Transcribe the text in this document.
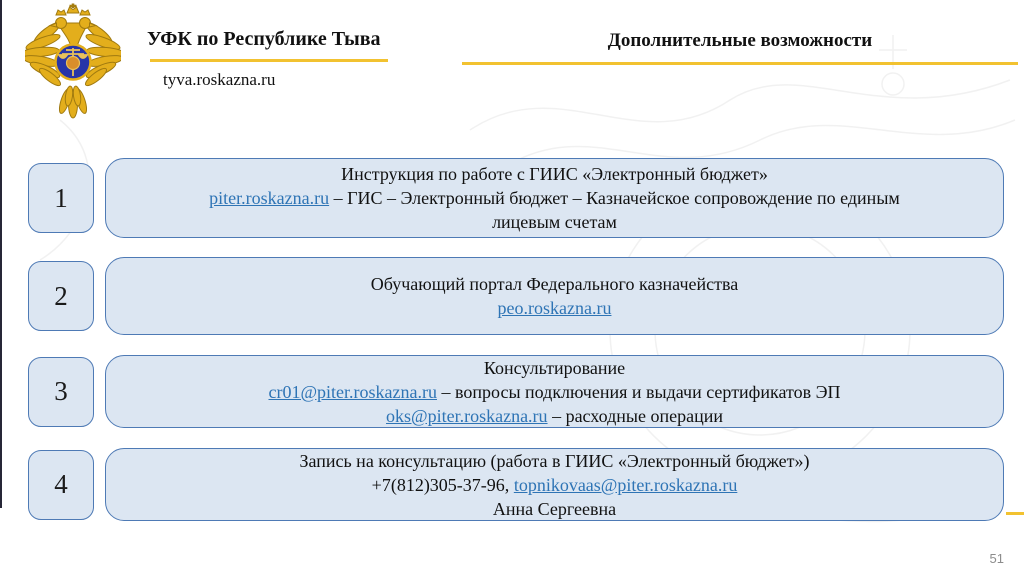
УФК по Республике Тыва
tyva.roskazna.ru
Дополнительные возможности
1
Инструкция по работе с ГИИС «Электронный бюджет»
piter.roskazna.ru – ГИС – Электронный бюджет – Казначейское сопровождение по единым
лицевым счетам
2	Обучающий портал Федерального казначейства
peo.roskazna.ru
3
Консультирование
cr01@piter.roskazna.ru – вопросы подключения и выдачи сертификатов ЭП
oks@piter.roskazna.ru – расходные операции
4
Запись на консультацию (работа в ГИИС «Электронный бюджет»)
+7(812)305-37-96, topnikovaas@piter.roskazna.ru
Анна Сергеевна
51
